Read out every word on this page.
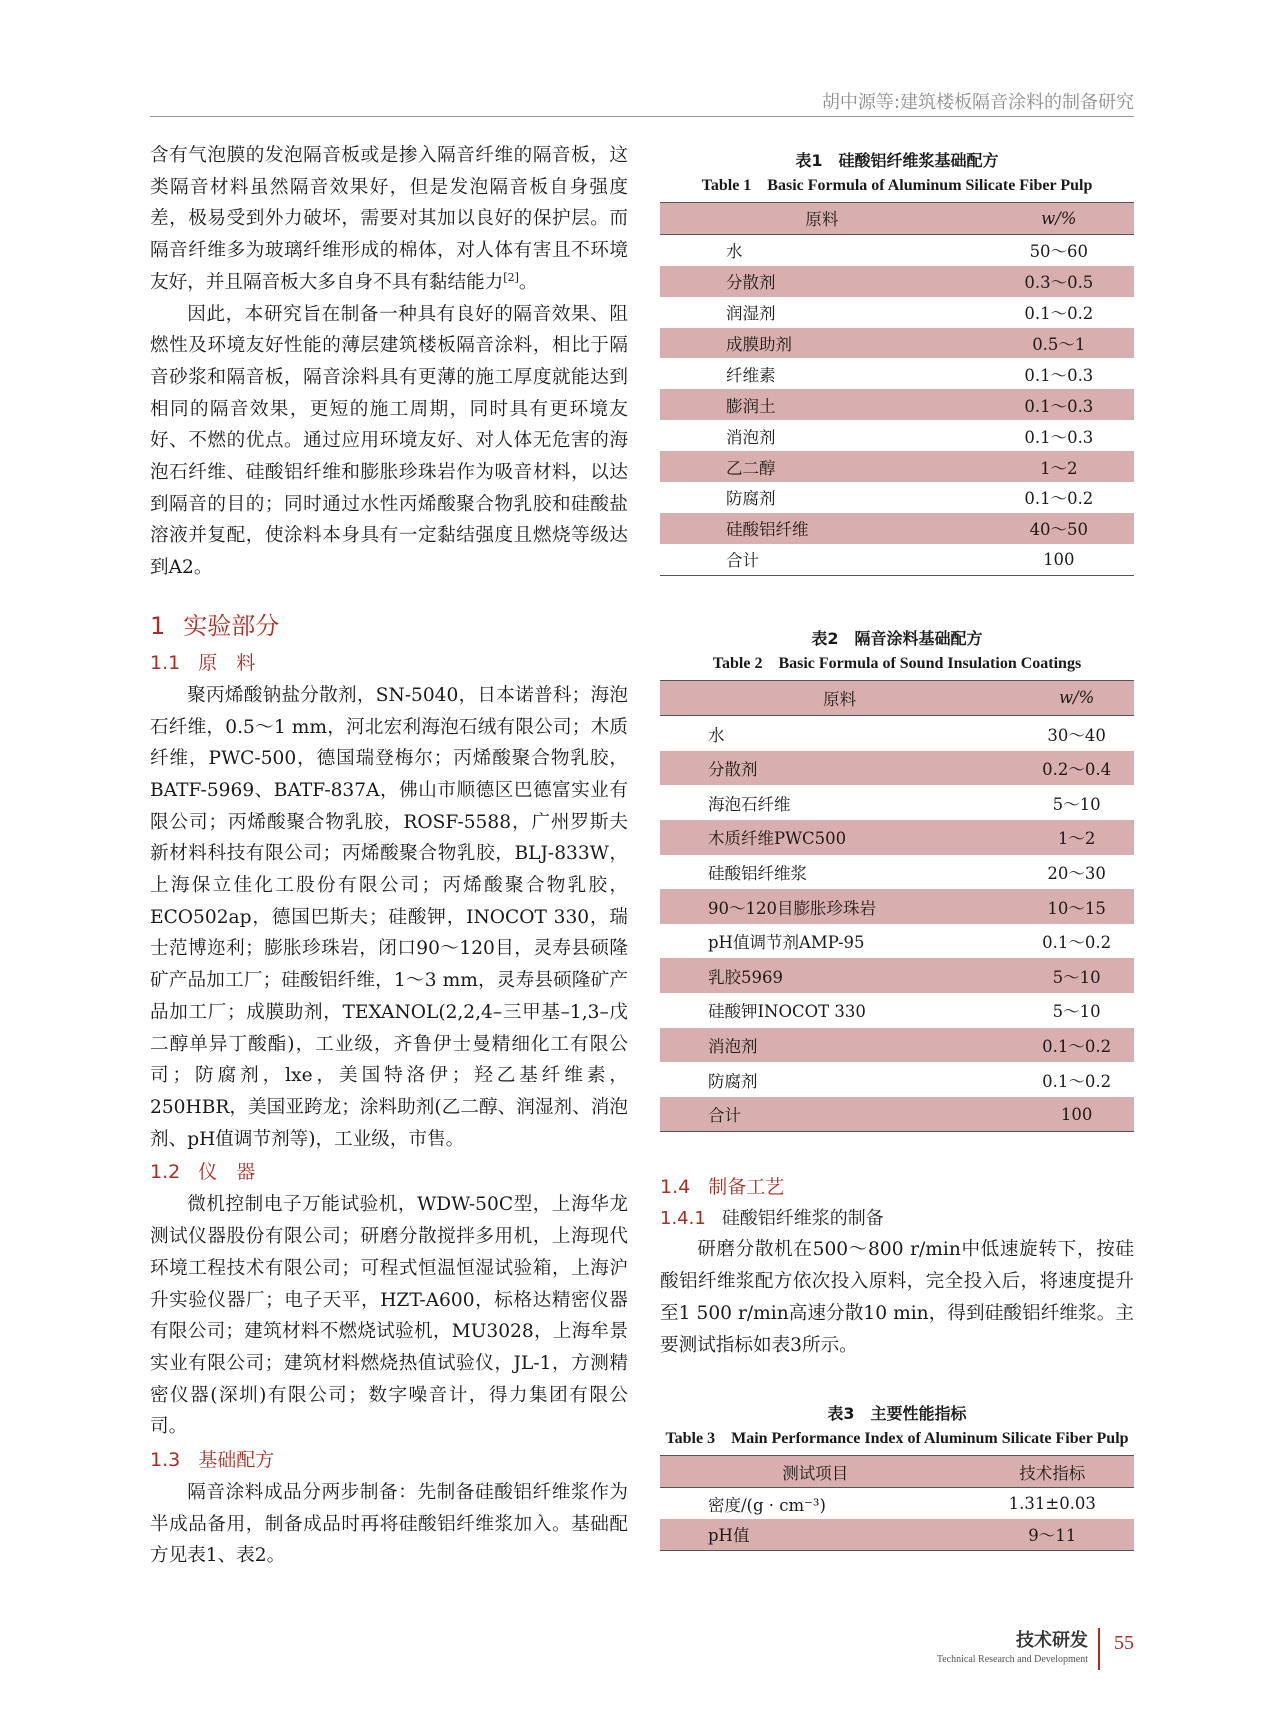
胡中源等:建筑楼板隔音涂料的制备研究

含有气泡膜的发泡隔音板或是掺入隔音纤维的隔音板，这类隔音材料虽然隔音效果好，但是发泡隔音板自身强度差，极易受到外力破坏，需要对其加以良好的保护层。而隔音纤维多为玻璃纤维形成的棉体，对人体有害且不环境友好，并且隔音板大多自身不具有黏结能力[2]。

因此，本研究旨在制备一种具有良好的隔音效果、阻燃性及环境友好性能的薄层建筑楼板隔音涂料，相比于隔音砂浆和隔音板，隔音涂料具有更薄的施工厚度就能达到相同的隔音效果，更短的施工周期，同时具有更环境友好、不燃的优点。通过应用环境友好、对人体无危害的海泡石纤维、硅酸铝纤维和膨胀珍珠岩作为吸音材料，以达到隔音的目的；同时通过水性丙烯酸聚合物乳胶和硅酸盐溶液并复配，使涂料本身具有一定黏结强度且燃烧等级达到A2。

1 实验部分
1.1 原　料

聚丙烯酸钠盐分散剂，SN-5040，日本诺普科；海泡石纤维，0.5～1 mm，河北宏利海泡石绒有限公司；木质纤维，PWC-500，德国瑞登梅尔；丙烯酸聚合物乳胶，BATF-5969、BATF-837A，佛山市顺德区巴德富实业有限公司；丙烯酸聚合物乳胶，ROSF-5588，广州罗斯夫新材料科技有限公司；丙烯酸聚合物乳胶，BLJ-833W，上海保立佳化工股份有限公司；丙烯酸聚合物乳胶，ECO502ap，德国巴斯夫；硅酸钾，INOCOT 330，瑞士范博迩利；膨胀珍珠岩，闭口90～120目，灵寿县硕隆矿产品加工厂；硅酸铝纤维，1～3 mm，灵寿县硕隆矿产品加工厂；成膜助剂，TEXANOL(2,2,4–三甲基–1,3–戊二醇单异丁酸酯)，工业级，齐鲁伊士曼精细化工有限公司；防腐剂，lxe，美国特洛伊；羟乙基纤维素，250HBR，美国亚跨龙；涂料助剂(乙二醇、润湿剂、消泡剂、pH值调节剂等)，工业级，市售。

1.2 仪　器

微机控制电子万能试验机，WDW-50C型，上海华龙测试仪器股份有限公司；研磨分散搅拌多用机，上海现代环境工程技术有限公司；可程式恒温恒湿试验箱，上海沪升实验仪器厂；电子天平，HZT-A600，标格达精密仪器有限公司；建筑材料不燃烧试验机，MU3028，上海牟景实业有限公司；建筑材料燃烧热值试验仪，JL-1，方测精密仪器(深圳)有限公司；数字噪音计，得力集团有限公司。

1.3 基础配方

隔音涂料成品分两步制备：先制备硅酸铝纤维浆作为半成品备用，制备成品时再将硅酸铝纤维浆加入。基础配方见表1、表2。

表1　硅酸铝纤维浆基础配方
Table 1　Basic Formula of Aluminum Silicate Fiber Pulp
原料	w/%
水	50～60
分散剂	0.3～0.5
润湿剂	0.1～0.2
成膜助剂	0.5～1
纤维素	0.1～0.3
膨润土	0.1～0.3
消泡剂	0.1～0.3
乙二醇	1～2
防腐剂	0.1～0.2
硅酸铝纤维	40～50
合计	100
表2　隔音涂料基础配方
Table 2　Basic Formula of Sound Insulation Coatings
原料	w/%
水	30～40
分散剂	0.2～0.4
海泡石纤维	5～10
木质纤维PWC500	1～2
硅酸铝纤维浆	20～30
90～120目膨胀珍珠岩	10～15
pH值调节剂AMP-95	0.1～0.2
乳胶5969	5～10
硅酸钾INOCOT 330	5～10
消泡剂	0.1～0.2
防腐剂	0.1～0.2
合计	100
1.4 制备工艺
1.4.1 硅酸铝纤维浆的制备

研磨分散机在500～800 r/min中低速旋转下，按硅酸铝纤维浆配方依次投入原料，完全投入后，将速度提升至1 500 r/min高速分散10 min，得到硅酸铝纤维浆。主要测试指标如表3所示。

表3　主要性能指标
Table 3　Main Performance Index of Aluminum Silicate Fiber Pulp
测试项目	技术指标
密度/(g · cm⁻³)	1.31±0.03
pH值	9～11
技术研发
Technical Research and Development
55
